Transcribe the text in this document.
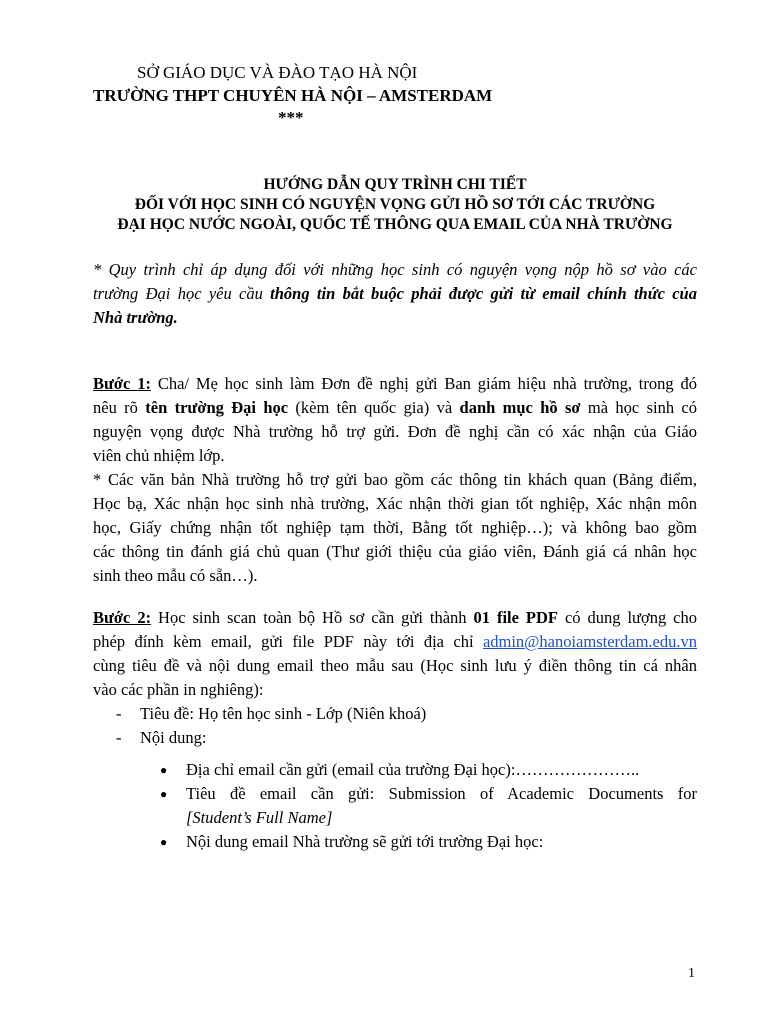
SỞ GIÁO DỤC VÀ ĐÀO TẠO HÀ NỘI
TRƯỜNG THPT CHUYÊN HÀ NỘI – AMSTERDAM
***
HƯỚNG DẪN QUY TRÌNH CHI TIẾT
ĐỐI VỚI HỌC SINH CÓ NGUYỆN VỌNG GỬI HỒ SƠ TỚI CÁC TRƯỜNG
ĐẠI HỌC NƯỚC NGOÀI, QUỐC TẾ THÔNG QUA EMAIL CỦA NHÀ TRƯỜNG
* Quy trình chỉ áp dụng đối với những học sinh có nguyện vọng nộp hồ sơ vào các
trường Đại học yêu cầu thông tin bắt buộc phải được gửi từ email chính thức của
Nhà trường.
Bước 1: Cha/ Mẹ học sinh làm Đơn đề nghị gửi Ban giám hiệu nhà trường, trong đó
nêu rõ tên trường Đại học (kèm tên quốc gia) và danh mục hồ sơ mà học sinh có
nguyện vọng được Nhà trường hỗ trợ gửi. Đơn đề nghị cần có xác nhận của Giáo
viên chủ nhiệm lớp.
* Các văn bản Nhà trường hỗ trợ gửi bao gồm các thông tin khách quan (Bảng điểm,
Học bạ, Xác nhận học sinh nhà trường, Xác nhận thời gian tốt nghiệp, Xác nhận môn
học, Giấy chứng nhận tốt nghiệp tạm thời, Bằng tốt nghiệp…); và không bao gồm
các thông tin đánh giá chủ quan (Thư giới thiệu của giáo viên, Đánh giá cá nhân học
sinh theo mẫu có sẵn…).
Bước 2: Học sinh scan toàn bộ Hồ sơ cần gửi thành 01 file PDF có dung lượng cho
phép đính kèm email, gửi file PDF này tới địa chỉ admin@hanoiamsterdam.edu.vn
cùng tiêu đề và nội dung email theo mẫu sau (Học sinh lưu ý điền thông tin cá nhân
vào các phần in nghiêng):
- Tiêu đề: Họ tên học sinh - Lớp (Niên khoá)
- Nội dung:
● Địa chỉ email cần gửi (email của trường Đại học):…………………..
● Tiêu đề email cần gửi: Submission of Academic Documents for
[Student’s Full Name]
● Nội dung email Nhà trường sẽ gửi tới trường Đại học:
1
